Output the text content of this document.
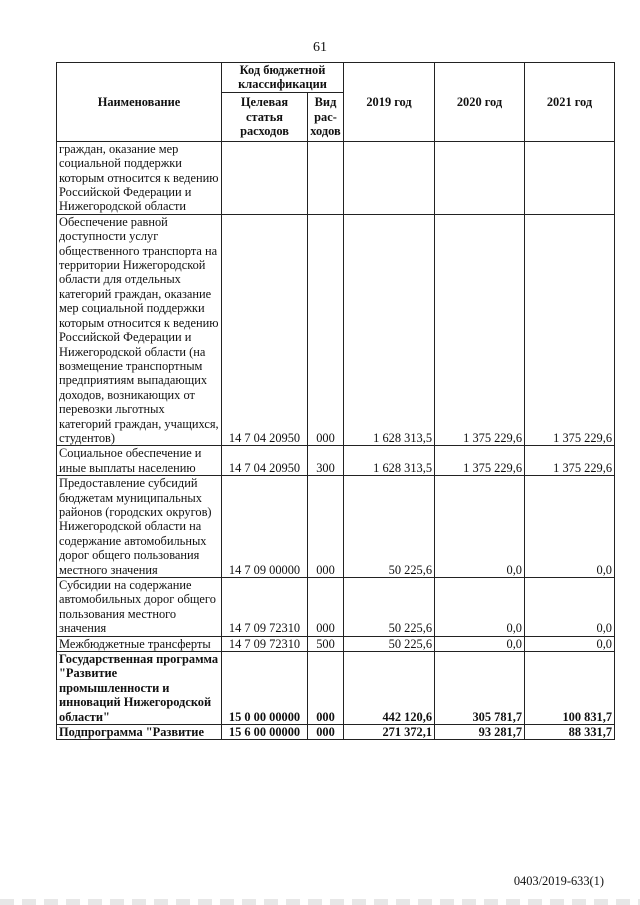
61
Наименование	Код бюджетной классификации		2019 год	2020 год	2021 год
	Целевая статья расходов	Вид рас-ходов			
граждан, оказание мер социальной поддержки которым относится к ведению Российской Федерации и Нижегородской области					
Обеспечение равной доступности услуг общественного транспорта на территории Нижегородской области для отдельных категорий граждан, оказание мер социальной поддержки которым относится к ведению Российской Федерации и Нижегородской области (на возмещение транспортным предприятиям выпадающих доходов, возникающих от перевозки льготных категорий граждан, учащихся, студентов)	14 7 04 20950	000	1 628 313,5	1 375 229,6	1 375 229,6
Социальное обеспечение и иные выплаты населению	14 7 04 20950	300	1 628 313,5	1 375 229,6	1 375 229,6
Предоставление субсидий бюджетам муниципальных районов (городских округов) Нижегородской области на содержание автомобильных дорог общего пользования местного значения	14 7 09 00000	000	50 225,6	0,0	0,0
Субсидии на содержание автомобильных дорог общего пользования местного значения	14 7 09 72310	000	50 225,6	0,0	0,0
Межбюджетные трансферты	14 7 09 72310	500	50 225,6	0,0	0,0
Государственная программа "Развитие промышленности и инноваций Нижегородской области"	15 0 00 00000	000	442 120,6	305 781,7	100 831,7
Подпрограмма "Развитие	15 6 00 00000	000	271 372,1	93 281,7	88 331,7
0403/2019-633(1)
